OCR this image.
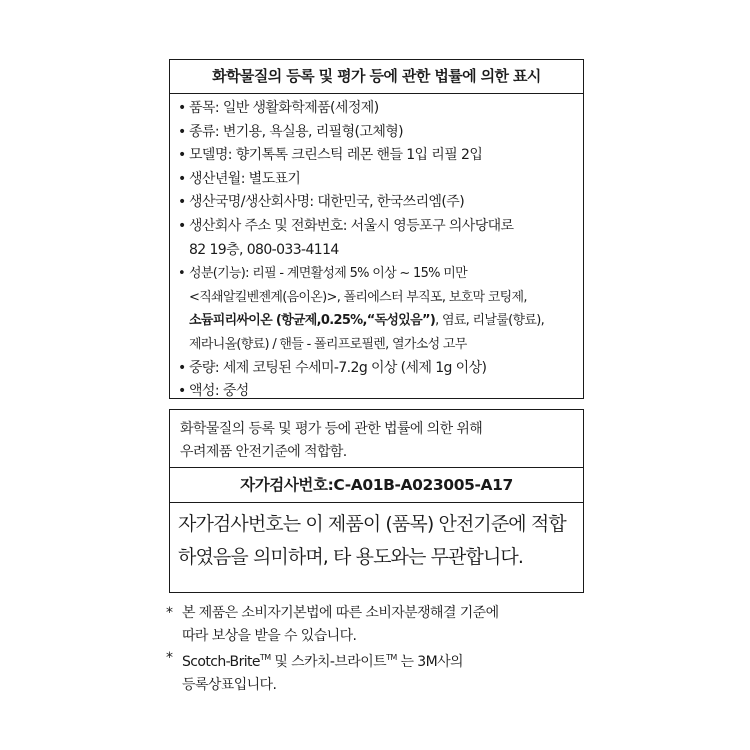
화학물질의 등록 및 평가 등에 관한 법률에 의한 표시
• 품목: 일반 생활화학제품(세정제)
• 종류: 변기용, 욕실용, 리필형(고체형)
• 모델명: 향기톡톡 크린스틱 레몬 핸들 1입 리필 2입
• 생산년월: 별도표기
• 생산국명/생산회사명: 대한민국, 한국쓰리엠(주)
• 생산회사 주소 및 전화번호: 서울시 영등포구 의사당대로
82 19층, 080-033-4114
• 성분(기능): 리필 - 계면활성제 5% 이상 ~ 15% 미만
<직쇄알킬벤젠계(음이온)>, 폴리에스터 부직포, 보호막 코팅제,
소듐피리싸이온 (항균제,0.25%,“독성있음”), 염료, 리날룰(향료),
제라니올(향료) / 핸들 - 폴리프로필렌, 열가소성 고무
• 중량: 세제 코팅된 수세미-7.2g 이상 (세제 1g 이상)
• 액성: 중성
화학물질의 등록 및 평가 등에 관한 법률에 의한 위해
우려제품 안전기준에 적합함.
자가검사번호:C-A01B-A023005-A17
자가검사번호는 이 제품이 (품목) 안전기준에 적합
하였음을 의미하며, 타 용도와는 무관합니다.
* 본 제품은 소비자기본법에 따른 소비자분쟁해결 기준에
따라 보상을 받을 수 있습니다.
* Scotch-Brite™ 및 스카치-브라이트™ 는 3M사의
등록상표입니다.
